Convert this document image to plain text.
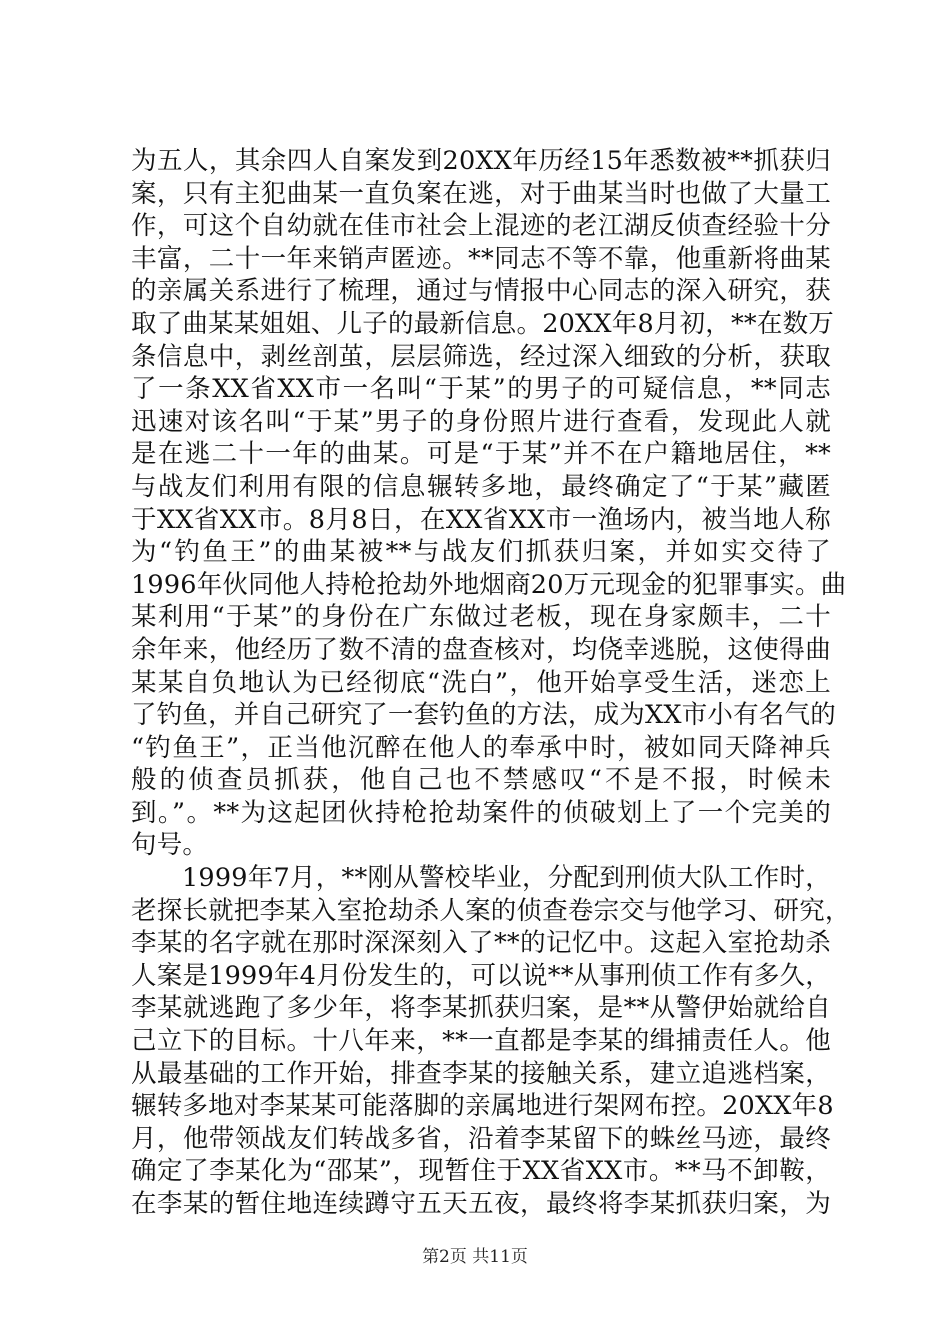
为五人，其余四人自案发到20XX年历经15年悉数被**抓获归
案，只有主犯曲某一直负案在逃，对于曲某当时也做了大量工
作，可这个自幼就在佳市社会上混迹的老江湖反侦查经验十分
丰富，二十一年来销声匿迹。**同志不等不靠，他重新将曲某
的亲属关系进行了梳理，通过与情报中心同志的深入研究，获
取了曲某某姐姐、儿子的最新信息。20XX年8月初，**在数万
条信息中，剥丝剖茧，层层筛选，经过深入细致的分析，获取
了一条XX省XX市一名叫“于某”的男子的可疑信息，**同志
迅速对该名叫“于某”男子的身份照片进行查看，发现此人就
是在逃二十一年的曲某。可是“于某”并不在户籍地居住，**
与战友们利用有限的信息辗转多地，最终确定了“于某”藏匿
于XX省XX市。8月8日，在XX省XX市一渔场内，被当地人称
为“钓鱼王”的曲某被**与战友们抓获归案，并如实交待了
1996年伙同他人持枪抢劫外地烟商20万元现金的犯罪事实。曲
某利用“于某”的身份在广东做过老板，现在身家颇丰，二十
余年来，他经历了数不清的盘查核对，均侥幸逃脱，这使得曲
某某自负地认为已经彻底“洗白”，他开始享受生活，迷恋上
了钓鱼，并自己研究了一套钓鱼的方法，成为XX市小有名气的
“钓鱼王”，正当他沉醉在他人的奉承中时，被如同天降神兵
般的侦查员抓获，他自己也不禁感叹“不是不报，时候未
到。”。**为这起团伙持枪抢劫案件的侦破划上了一个完美的
句号。
1999年7月，**刚从警校毕业，分配到刑侦大队工作时，
老探长就把李某入室抢劫杀人案的侦查卷宗交与他学习、研究，
李某的名字就在那时深深刻入了**的记忆中。这起入室抢劫杀
人案是1999年4月份发生的，可以说**从事刑侦工作有多久，
李某就逃跑了多少年，将李某抓获归案，是**从警伊始就给自
己立下的目标。十八年来，**一直都是李某的缉捕责任人。他
从最基础的工作开始，排查李某的接触关系，建立追逃档案，
辗转多地对李某某可能落脚的亲属地进行架网布控。20XX年8
月，他带领战友们转战多省，沿着李某留下的蛛丝马迹，最终
确定了李某化为“邵某”，现暂住于XX省XX市。**马不卸鞍，
在李某的暂住地连续蹲守五天五夜，最终将李某抓获归案，为
第2页 共11页
